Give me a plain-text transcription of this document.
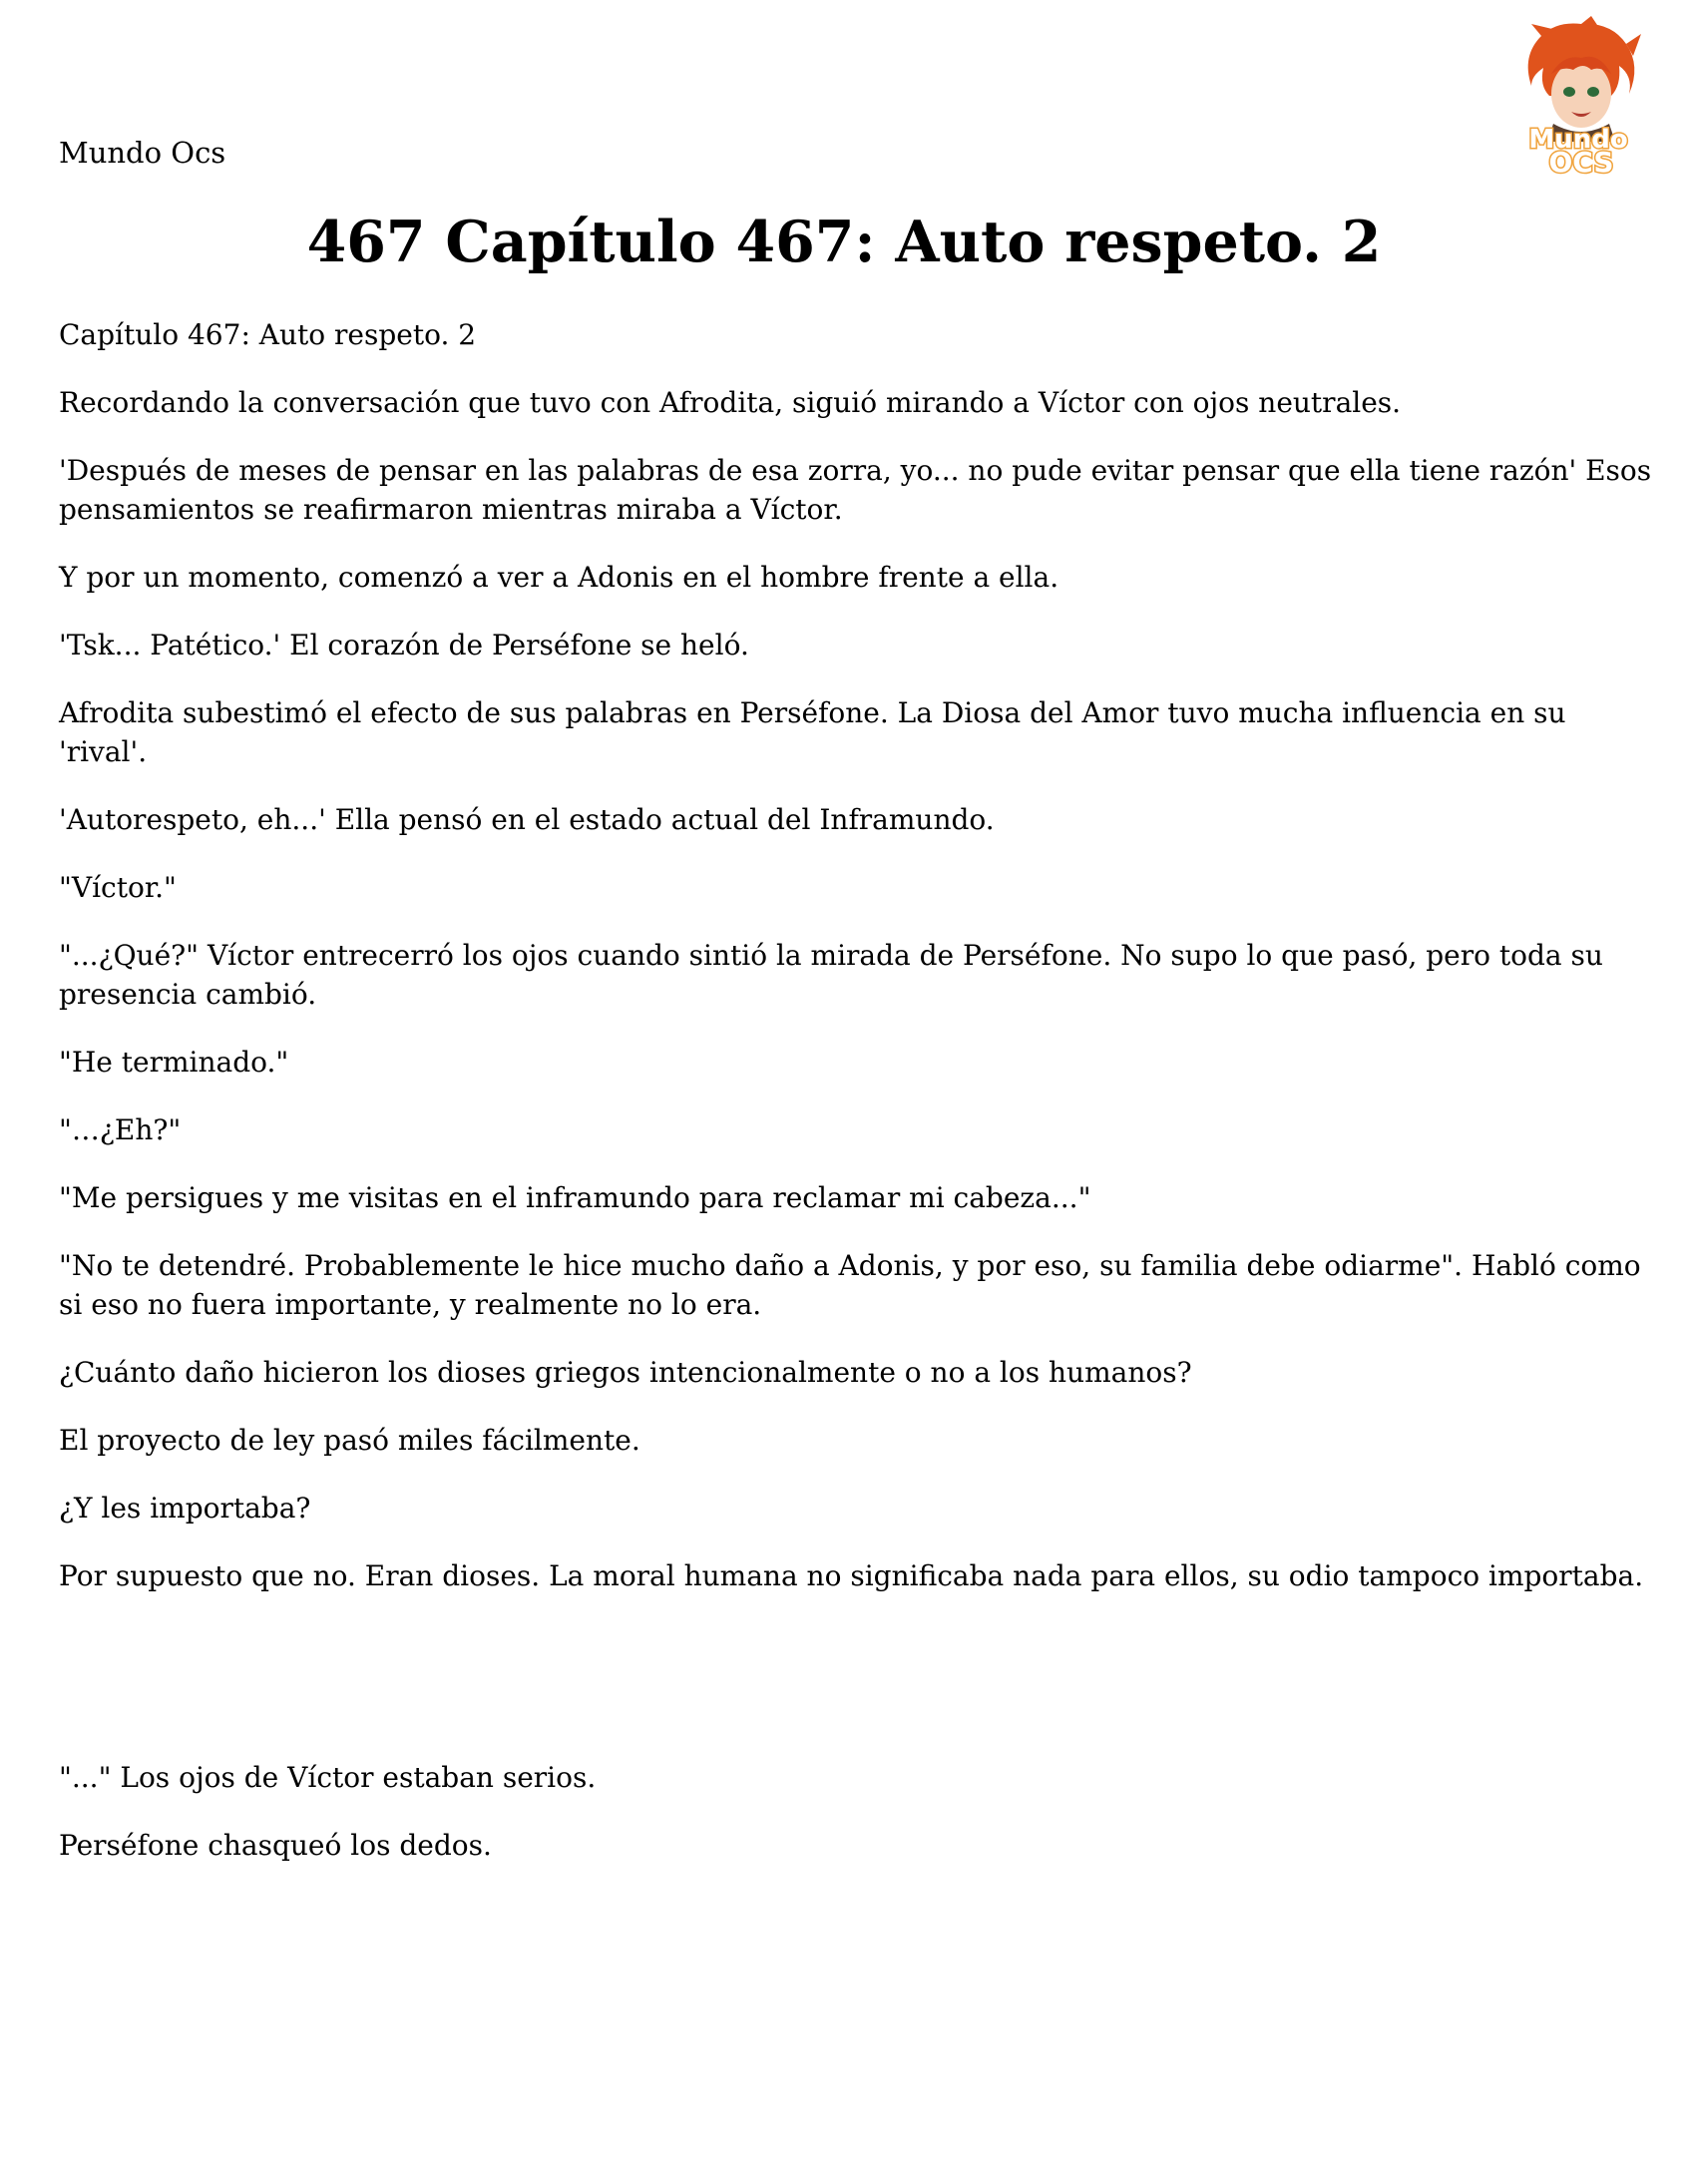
Mundo Ocs	Mundo
OCS
467 Capítulo 467: Auto respeto. 2

Capítulo 467: Auto respeto. 2

Recordando la conversación que tuvo con Afrodita, siguió mirando a Víctor con ojos neutrales.

'Después de meses de pensar en las palabras de esa zorra, yo... no pude evitar pensar que ella tiene razón' Esos pensamientos se reafirmaron mientras miraba a Víctor.

Y por un momento, comenzó a ver a Adonis en el hombre frente a ella.

'Tsk... Patético.' El corazón de Perséfone se heló.

Afrodita subestimó el efecto de sus palabras en Perséfone. La Diosa del Amor tuvo mucha influencia en su 'rival'.

'Autorespeto, eh...' Ella pensó en el estado actual del Inframundo.

"Víctor."

"...¿Qué?" Víctor entrecerró los ojos cuando sintió la mirada de Perséfone. No supo lo que pasó, pero toda su presencia cambió.

"He terminado."

"…¿Eh?"

"Me persigues y me visitas en el inframundo para reclamar mi cabeza..."

"No te detendré. Probablemente le hice mucho daño a Adonis, y por eso, su familia debe odiarme". Habló como si eso no fuera importante, y realmente no lo era.

¿Cuánto daño hicieron los dioses griegos intencionalmente o no a los humanos?

El proyecto de ley pasó miles fácilmente.

¿Y les importaba?

Por supuesto que no. Eran dioses. La moral humana no significaba nada para ellos, su odio tampoco importaba.

"..." Los ojos de Víctor estaban serios.

Perséfone chasqueó los dedos.
